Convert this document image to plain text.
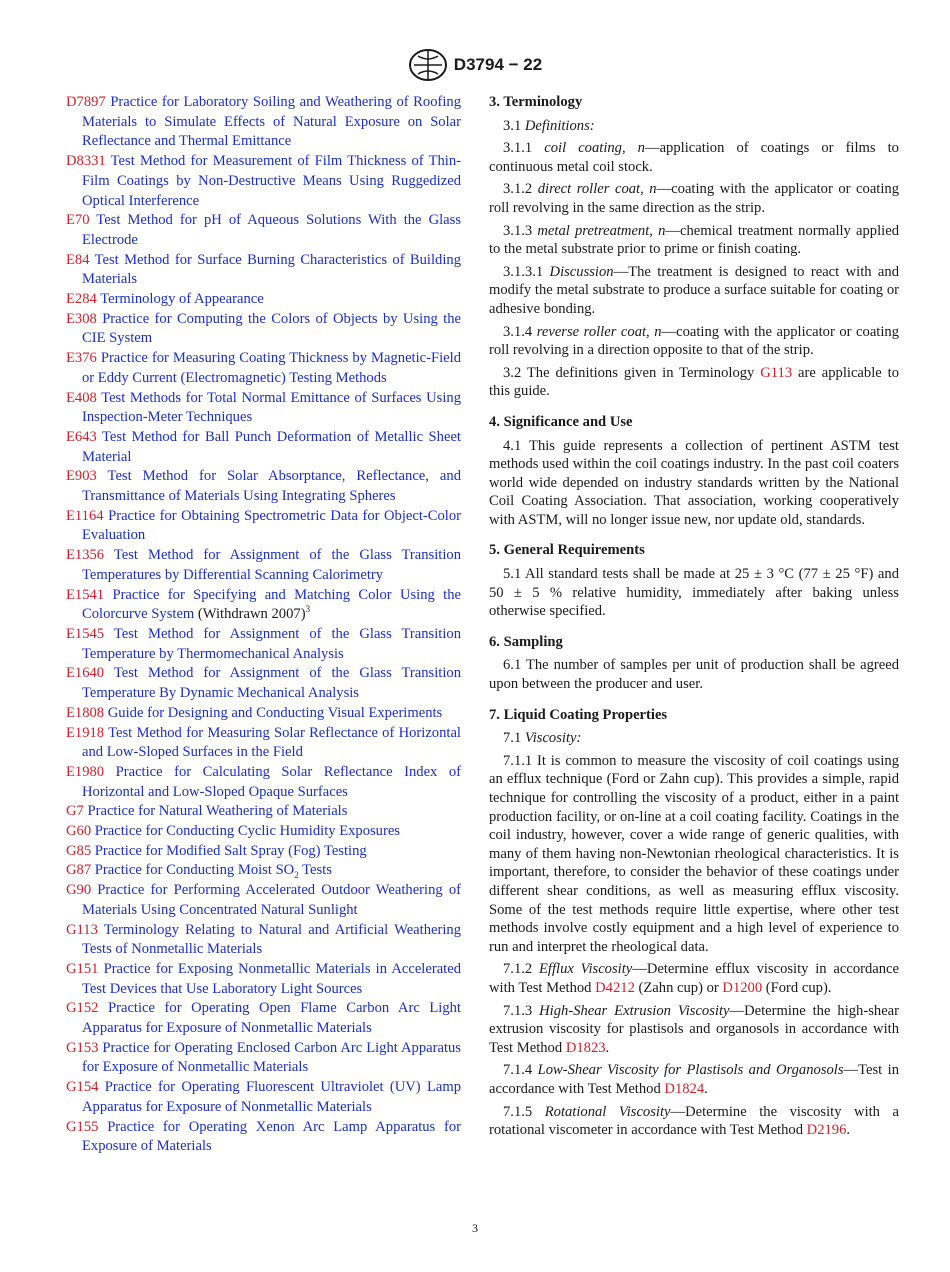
D3794 − 22

D7897 Practice for Laboratory Soiling and Weathering of Roofing Materials to Simulate Effects of Natural Exposure on Solar Reflectance and Thermal Emittance

D8331 Test Method for Measurement of Film Thickness of Thin-Film Coatings by Non-Destructive Means Using Ruggedized Optical Interference

E70 Test Method for pH of Aqueous Solutions With the Glass Electrode

E84 Test Method for Surface Burning Characteristics of Building Materials

E284 Terminology of Appearance

E308 Practice for Computing the Colors of Objects by Using the CIE System

E376 Practice for Measuring Coating Thickness by Magnetic-Field or Eddy Current (Electromagnetic) Testing Methods

E408 Test Methods for Total Normal Emittance of Surfaces Using Inspection-Meter Techniques

E643 Test Method for Ball Punch Deformation of Metallic Sheet Material

E903 Test Method for Solar Absorptance, Reflectance, and Transmittance of Materials Using Integrating Spheres

E1164 Practice for Obtaining Spectrometric Data for Object-Color Evaluation

E1356 Test Method for Assignment of the Glass Transition Temperatures by Differential Scanning Calorimetry

E1541 Practice for Specifying and Matching Color Using the Colorcurve System (Withdrawn 2007)$^3$

E1545 Test Method for Assignment of the Glass Transition Temperature by Thermomechanical Analysis

E1640 Test Method for Assignment of the Glass Transition Temperature By Dynamic Mechanical Analysis

E1808 Guide for Designing and Conducting Visual Experiments

E1918 Test Method for Measuring Solar Reflectance of Horizontal and Low-Sloped Surfaces in the Field

E1980 Practice for Calculating Solar Reflectance Index of Horizontal and Low-Sloped Opaque Surfaces

G7 Practice for Natural Weathering of Materials

G60 Practice for Conducting Cyclic Humidity Exposures

G85 Practice for Modified Salt Spray (Fog) Testing

G87 Practice for Conducting Moist $SO_2$ Tests

G90 Practice for Performing Accelerated Outdoor Weathering of Materials Using Concentrated Natural Sunlight

G113 Terminology Relating to Natural and Artificial Weathering Tests of Nonmetallic Materials

G151 Practice for Exposing Nonmetallic Materials in Accelerated Test Devices that Use Laboratory Light Sources

G152 Practice for Operating Open Flame Carbon Arc Light Apparatus for Exposure of Nonmetallic Materials

G153 Practice for Operating Enclosed Carbon Arc Light Apparatus for Exposure of Nonmetallic Materials

G154 Practice for Operating Fluorescent Ultraviolet (UV) Lamp Apparatus for Exposure of Nonmetallic Materials

G155 Practice for Operating Xenon Arc Lamp Apparatus for Exposure of Materials

3. Terminology

3.1 Definitions:

3.1.1 coil coating, n—application of coatings or films to continuous metal coil stock.

3.1.2 direct roller coat, n—coating with the applicator or coating roll revolving in the same direction as the strip.

3.1.3 metal pretreatment, n—chemical treatment normally applied to the metal substrate prior to prime or finish coating.

3.1.3.1 Discussion—The treatment is designed to react with and modify the metal substrate to produce a surface suitable for coating or adhesive bonding.

3.1.4 reverse roller coat, n—coating with the applicator or coating roll revolving in a direction opposite to that of the strip.

3.2 The definitions given in Terminology G113 are applicable to this guide.

4. Significance and Use

4.1 This guide represents a collection of pertinent ASTM test methods used within the coil coatings industry. In the past coil coaters world wide depended on industry standards written by the National Coil Coating Association. That association, working cooperatively with ASTM, will no longer issue new, nor update old, standards.

5. General Requirements

5.1 All standard tests shall be made at 25 ± 3 °C (77 ± 25 °F) and 50 ± 5 % relative humidity, immediately after baking unless otherwise specified.

6. Sampling

6.1 The number of samples per unit of production shall be agreed upon between the producer and user.

7. Liquid Coating Properties

7.1 Viscosity:

7.1.1 It is common to measure the viscosity of coil coatings using an efflux technique (Ford or Zahn cup). This provides a simple, rapid technique for controlling the viscosity of a product, either in a paint production facility, or on-line at a coil coating facility. Coatings in the coil industry, however, cover a wide range of generic qualities, with many of them having non-Newtonian rheological characteristics. It is important, therefore, to consider the behavior of these coatings under different shear conditions, as well as measuring efflux viscosity. Some of the test methods require little expertise, where other test methods involve costly equipment and a high level of experience to run and interpret the rheological data.

7.1.2 Efflux Viscosity—Determine efflux viscosity in accordance with Test Method D4212 (Zahn cup) or D1200 (Ford cup).

7.1.3 High-Shear Extrusion Viscosity—Determine the high-shear extrusion viscosity for plastisols and organosols in accordance with Test Method D1823.

7.1.4 Low-Shear Viscosity for Plastisols and Organosols—Test in accordance with Test Method D1824.

7.1.5 Rotational Viscosity—Determine the viscosity with a rotational viscometer in accordance with Test Method D2196.

3
